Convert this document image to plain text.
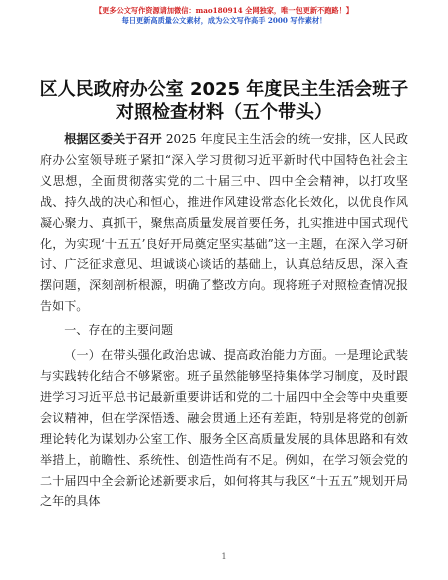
【更多公文写作资源请加微信：mao180914 全网独家，唯一包更新不跑路！】
每日更新高质量公文素材，成为公文写作高手 2000 写作素材！
区人民政府办公室 2025 年度民主生活会班子对照检查材料（五个带头）

根据区委关于召开 2025 年度民主生活会的统一安排，区人民政府办公室领导班子紧扣“深入学习贯彻习近平新时代中国特色社会主义思想，全面贯彻落实党的二十届三中、四中全会精神，以打攻坚战、持久战的决心和恒心，推进作风建设常态化长效化，以优良作风凝心聚力、真抓干，聚焦高质量发展首要任务，扎实推进中国式现代化，为实现‘十五五’良好开局奠定坚实基础”这一主题，在深入学习研讨、广泛征求意见、坦诚谈心谈话的基础上，认真总结反思，深入查摆问题，深刻剖析根源，明确了整改方向。现将班子对照检查情况报告如下。

一、存在的主要问题

（一）在带头强化政治忠诚、提高政治能力方面。一是理论武装与实践转化结合不够紧密。班子虽然能够坚持集体学习制度，及时跟进学习习近平总书记最新重要讲话和党的二十届四中全会等中央重要会议精神，但在学深悟透、融会贯通上还有差距，特别是将党的创新理论转化为谋划办公室工作、服务全区高质量发展的具体思路和有效举措上，前瞻性、系统性、创造性尚有不足。例如，在学习领会党的二十届四中全会新论述新要求后，如何将其与我区“十五五”规划开局之年的具体

1
